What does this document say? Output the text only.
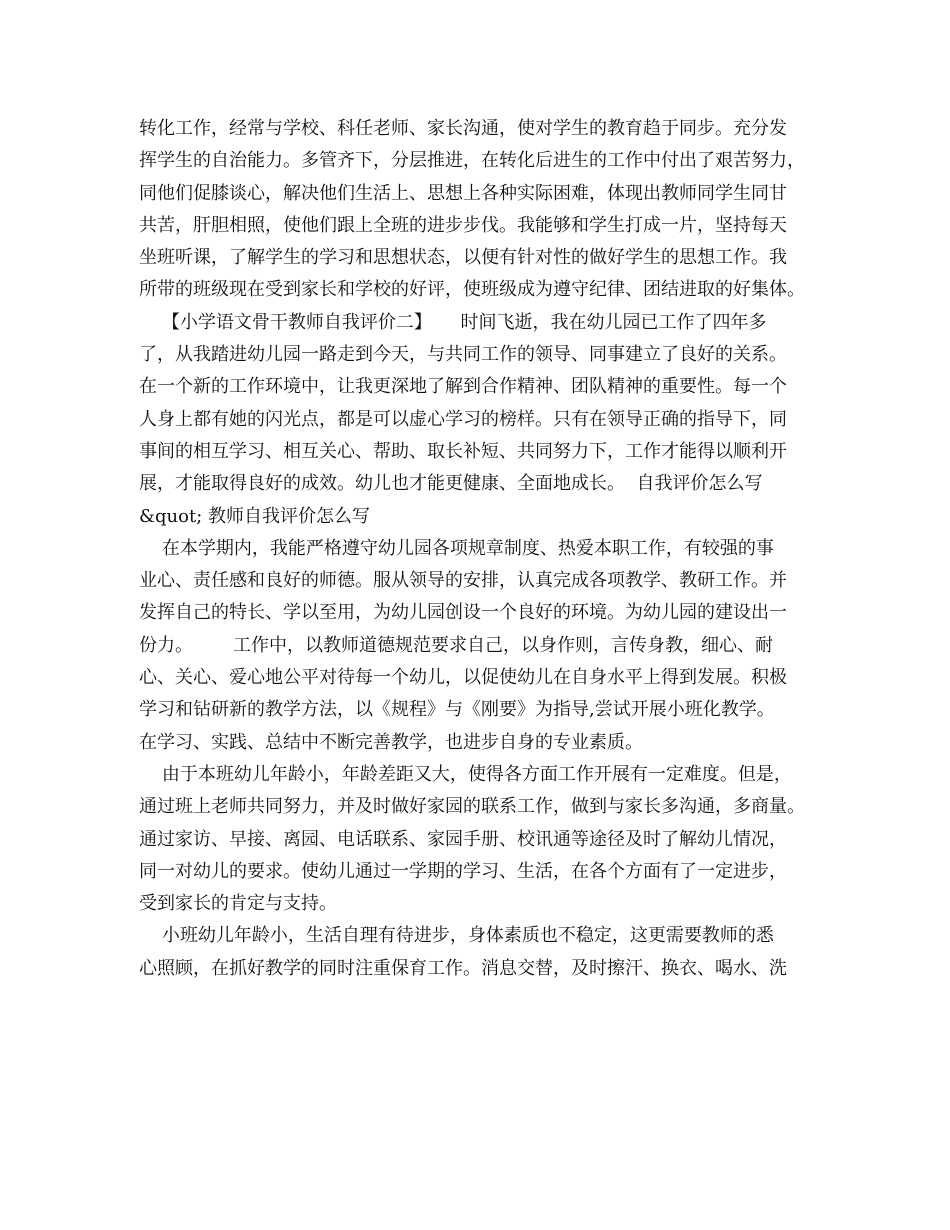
转化工作，经常与学校、科任老师、家长沟通，使对学生的教育趋于同步。充分发
挥学生的自治能力。多管齐下，分层推进，在转化后进生的工作中付出了艰苦努力，
同他们促膝谈心，解决他们生活上、思想上各种实际困难，体现出教师同学生同甘
共苦，肝胆相照，使他们跟上全班的进步步伐。我能够和学生打成一片，坚持每天
坐班听课，了解学生的学习和思想状态，以便有针对性的做好学生的思想工作。我
所带的班级现在受到家长和学校的好评，使班级成为遵守纪律、团结进取的好集体。
【小学语文骨干教师自我评价二】     时间飞逝，我在幼儿园已工作了四年多
了，从我踏进幼儿园一路走到今天，与共同工作的领导、同事建立了良好的关系。
在一个新的工作环境中，让我更深地了解到合作精神、团队精神的重要性。每一个
人身上都有她的闪光点，都是可以虚心学习的榜样。只有在领导正确的指导下，同
事间的相互学习、相互关心、帮助、取长补短、共同努力下，工作才能得以顺利开
展，才能取得良好的成效。幼儿也才能更健康、全面地成长。  自我评价怎么写
&quot; 教师自我评价怎么写
在本学期内，我能严格遵守幼儿园各项规章制度、热爱本职工作，有较强的事
业心、责任感和良好的师德。服从领导的安排，认真完成各项教学、教研工作。并
发挥自己的特长、学以至用，为幼儿园创设一个良好的环境。为幼儿园的建设出一
份力。       工作中，以教师道德规范要求自己，以身作则，言传身教，细心、耐
心、关心、爱心地公平对待每一个幼儿，以促使幼儿在自身水平上得到发展。积极
学习和钻研新的教学方法，以《规程》与《刚要》为指导,尝试开展小班化教学。
在学习、实践、总结中不断完善教学，也进步自身的专业素质。
由于本班幼儿年龄小，年龄差距又大，使得各方面工作开展有一定难度。但是，
通过班上老师共同努力，并及时做好家园的联系工作，做到与家长多沟通，多商量。
通过家访、早接、离园、电话联系、家园手册、校讯通等途径及时了解幼儿情况，
同一对幼儿的要求。使幼儿通过一学期的学习、生活，在各个方面有了一定进步，
受到家长的肯定与支持。
小班幼儿年龄小，生活自理有待进步，身体素质也不稳定，这更需要教师的悉
心照顾，在抓好教学的同时注重保育工作。消息交替，及时擦汗、换衣、喝水、洗
